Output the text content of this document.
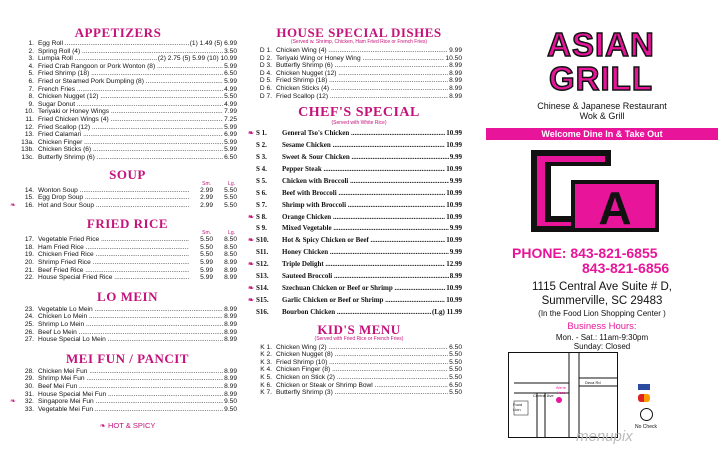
APPETIZERS
1. Egg Roll .....	(1) 1.49 (5) 6.99
2. Spring Roll (4) .....	3.50
3. Lumpia Roll .....	(2) 2.75 (5) 5.99 (10) 10.99
4. Fried Crab Rangoon or Pork Wonton (8) .....	5.99
5. Fried Shrimp (18) .....	6.50
6. Fried or Steamed Pork Dumpling (8) .....	5.99
7. French Fries .....	4.99
8. Chicken Nugget (12) .....	5.50
9. Sugar Donut .....	4.99
10. Teriyaki or Honey Wings .....	7.99
11. Fried Chicken Wings (4) .....	7.25
12. Fried Scallop (12) .....	5.99
13. Fried Calamari .....	6.99
13a. Chicken Finger .....	5.99
13b. Chicken Sticks (6) .....	5.99
13c. Butterfly Shrimp (6) .....	6.50
SOUP
Sm.	Lg.
14. Wonton Soup .....	2.99	5.50
15. Egg Drop Soup .....	2.99	5.50
❧	16. Hot and Sour Soup .....	2.99	5.50
FRIED RICE
Sm.	Lg.
17. Vegetable Fried Rice .....	5.50	8.50
18. Ham Fried Rice .....	5.50	8.50
19. Chicken Fried Rice .....	5.50	8.50
20. Shrimp Fried Rice .....	5.99	8.99
21. Beef Fried Rice .....	5.99	8.99
22. House Special Fried Rice .....	5.99	8.99
LO MEIN
23. Vegetable Lo Mein .....	8.99
24. Chicken Lo Mein .....	8.99
25. Shrimp Lo Mein .....	8.99
26. Beef Lo Mein .....	8.99
27. House Special Lo Mein .....	8.99
MEI FUN / PANCIT
28. Chicken Mei Fun .....	8.99
29. Shrimp Mei Fun .....	8.99
30. Beef Mei Fun .....	8.99
31. House Special Mei Fun .....	8.99
❧	32. Singapore Mei Fun .....	9.50
33. Vegetable Mei Fun .....	9.50
❧ HOT & SPICY
HOUSE SPECIAL DISHES
(Served w. Shrimp, Chicken, Ham Fried Rice or French Fries)
D 1. Chicken Wing (4) .....	9.99
D 2. Teriyaki Wing or Honey Wing .....	10.50
D 3. Butterfly Shrimp (6) .....	8.99
D 4. Chicken Nugget (12) .....	8.99
D 5. Fried Shrimp (18) .....	8.99
D 6. Chicken Sticks (4) .....	8.99
D 7. Fried Scallop (12) .....	8.99
CHEF'S SPECIAL
(Served with White Rice)
❧ S 1.	General Tso's Chicken .....	10.99
S 2.	Sesame Chicken .....	10.99
S 3.	Sweet & Sour Chicken .....	9.99
S 4.	Pepper Steak .....	10.99
S 5.	Chicken with Broccoli .....	9.99
S 6.	Beef with Broccoli .....	10.99
S 7.	Shrimp with Broccoli .....	10.99
❧ S 8.	Orange Chicken .....	10.99
S 9.	Mixed Vegetable .....	9.99
❧ S10.	Hot & Spicy Chicken or Beef .....	10.99
S11.	Honey Chicken .....	9.99
❧ S12.	Triple Delight .....	12.99
S13.	Sauteed Broccoli .....	8.99
❧ S14.	Szechuan Chicken or Beef or Shrimp .....	10.99
❧ S15.	Garlic Chicken or Beef or Shrimp .....	10.99
S16.	Bourbon Chicken .....	(Lg) 11.99
KID'S MENU
(Served with Fried Rice or French Fries)
K 1. Chicken Wing (2) .....	6.50
K 2. Chicken Nugget (8) .....	5.50
K 3. Fried Shrimp (10) .....	5.50
K 4. Chicken Finger (8) .....	5.50
K 5. Chicken on Stick (2) .....	5.50
K 6. Chicken or Steak or Shrimp Bowl .....	6.50
K 7. Butterfly Shrimp (3) .....	5.50
ASIAN
GRILL
Chinese & Japanese Restaurant
Wok & Grill
Welcome Dine In & Take Out
A
PHONE: 843-821-6855
843-821-6856
1115 Central Ave Suite # D,
Summerville, SC 29483
(In the Food Lion Shopping Center )
Business Hours:
Mon. - Sat.: 11am-9:30pm
Sunday: Closed
We're Here
Central Ave
Deca Rd
Food Lion
No Check
menupix
